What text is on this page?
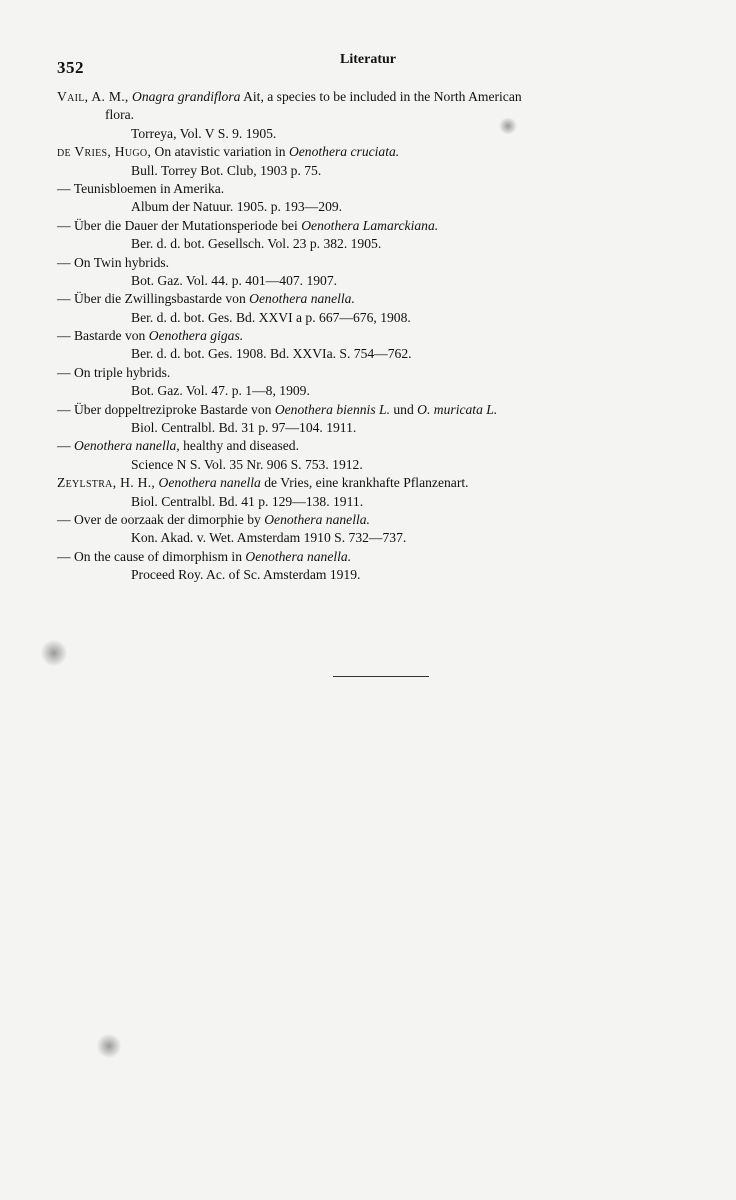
352	Literatur
Vail, A. M., Onagra grandiflora Ait, a species to be included in the North American
flora.
Torreya, Vol. V S. 9. 1905.
de Vries, Hugo, On atavistic variation in Oenothera cruciata.
Bull. Torrey Bot. Club, 1903 p. 75.
— Teunisbloemen in Amerika.
Album der Natuur. 1905. p. 193—209.
— Über die Dauer der Mutationsperiode bei Oenothera Lamarckiana.
Ber. d. d. bot. Gesellsch. Vol. 23 p. 382. 1905.
— On Twin hybrids.
Bot. Gaz. Vol. 44. p. 401—407. 1907.
— Über die Zwillingsbastarde von Oenothera nanella.
Ber. d. d. bot. Ges. Bd. XXVI a p. 667—676, 1908.
— Bastarde von Oenothera gigas.
Ber. d. d. bot. Ges. 1908. Bd. XXVIa. S. 754—762.
— On triple hybrids.
Bot. Gaz. Vol. 47. p. 1—8, 1909.
— Über doppeltreziproke Bastarde von Oenothera biennis L. und O. muricata L.
Biol. Centralbl. Bd. 31 p. 97—104. 1911.
— Oenothera nanella, healthy and diseased.
Science N S. Vol. 35 Nr. 906 S. 753. 1912.
Zeylstra, H. H., Oenothera nanella de Vries, eine krankhafte Pflanzenart.
Biol. Centralbl. Bd. 41 p. 129—138. 1911.
— Over de oorzaak der dimorphie by Oenothera nanella.
Kon. Akad. v. Wet. Amsterdam 1910 S. 732—737.
— On the cause of dimorphism in Oenothera nanella.
Proceed Roy. Ac. of Sc. Amsterdam 1919.
